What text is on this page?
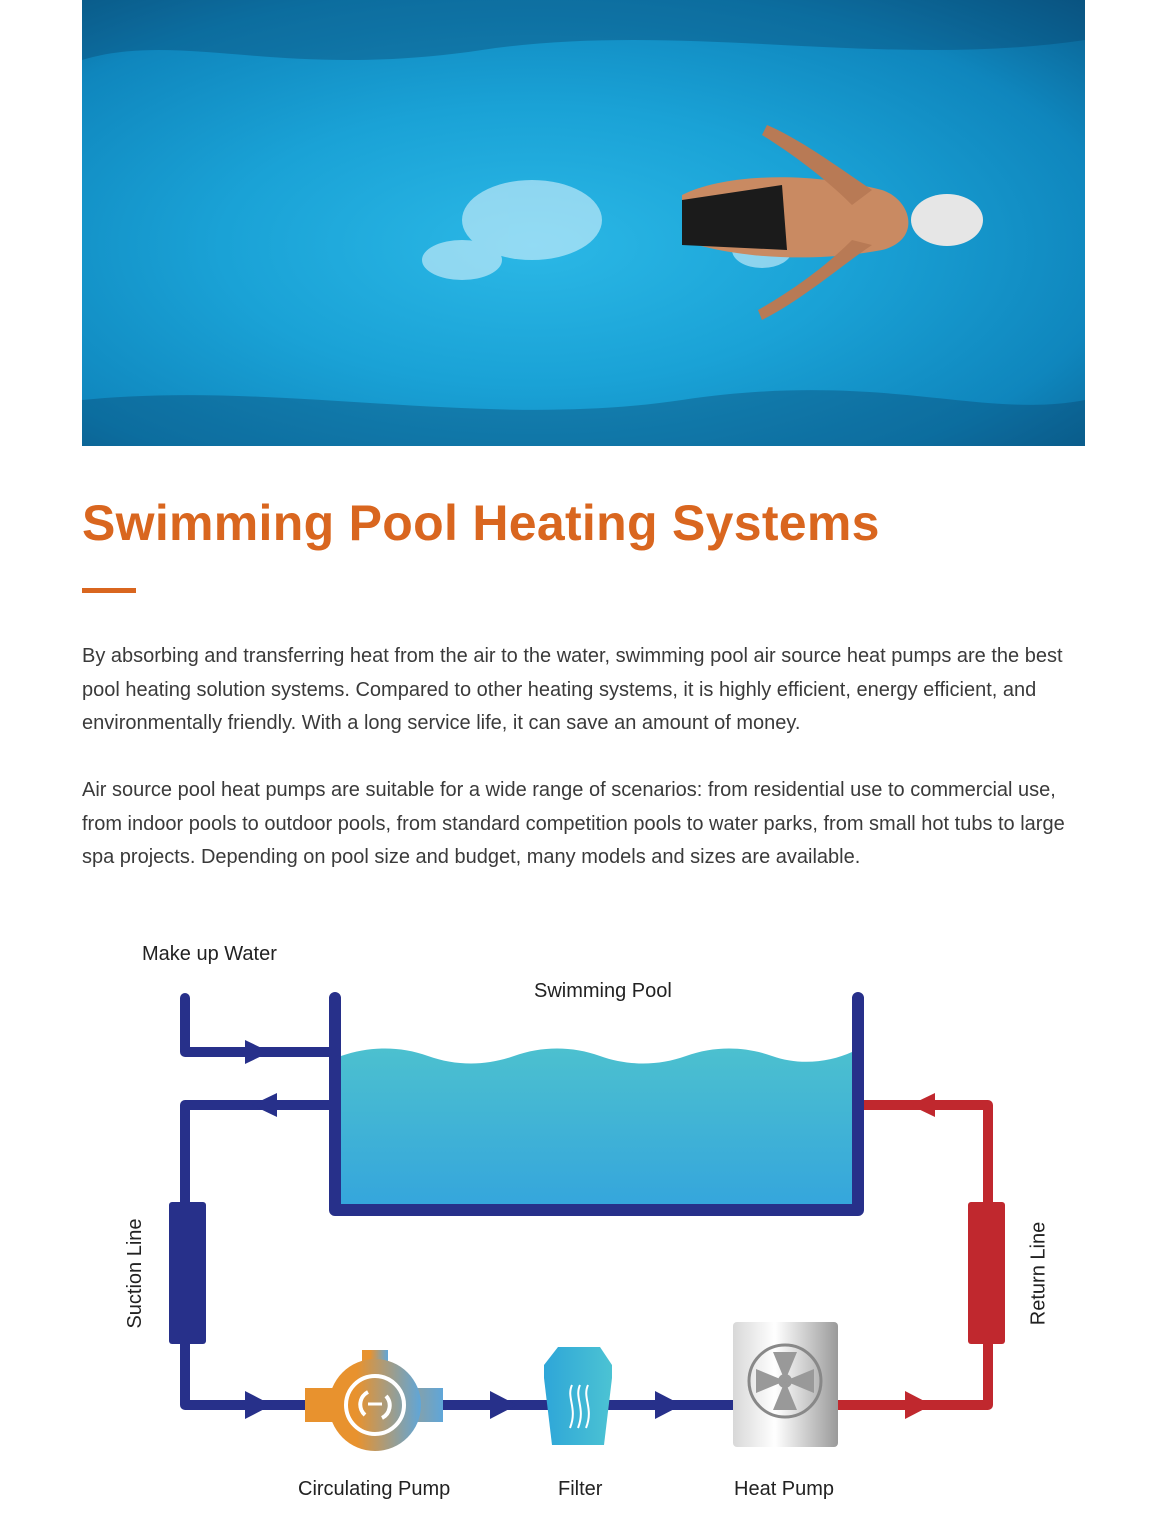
Swimming Pool Heating Systems

By absorbing and transferring heat from the air to the water, swimming pool air source heat pumps are the best pool heating solution systems. Compared to other heating systems, it is highly efficient, energy efficient, and environmentally friendly. With a long service life, it can save an amount of money.

Air source pool heat pumps are suitable for a wide range of scenarios: from residential use to commercial use, from indoor pools to outdoor pools, from standard competition pools to water parks, from small hot tubs to large spa projects. Depending on pool size and budget, many models and sizes are available.

Make up Water
Swimming Pool
Suction Line	Return Line
Circulating Pump	Filter	Heat Pump
